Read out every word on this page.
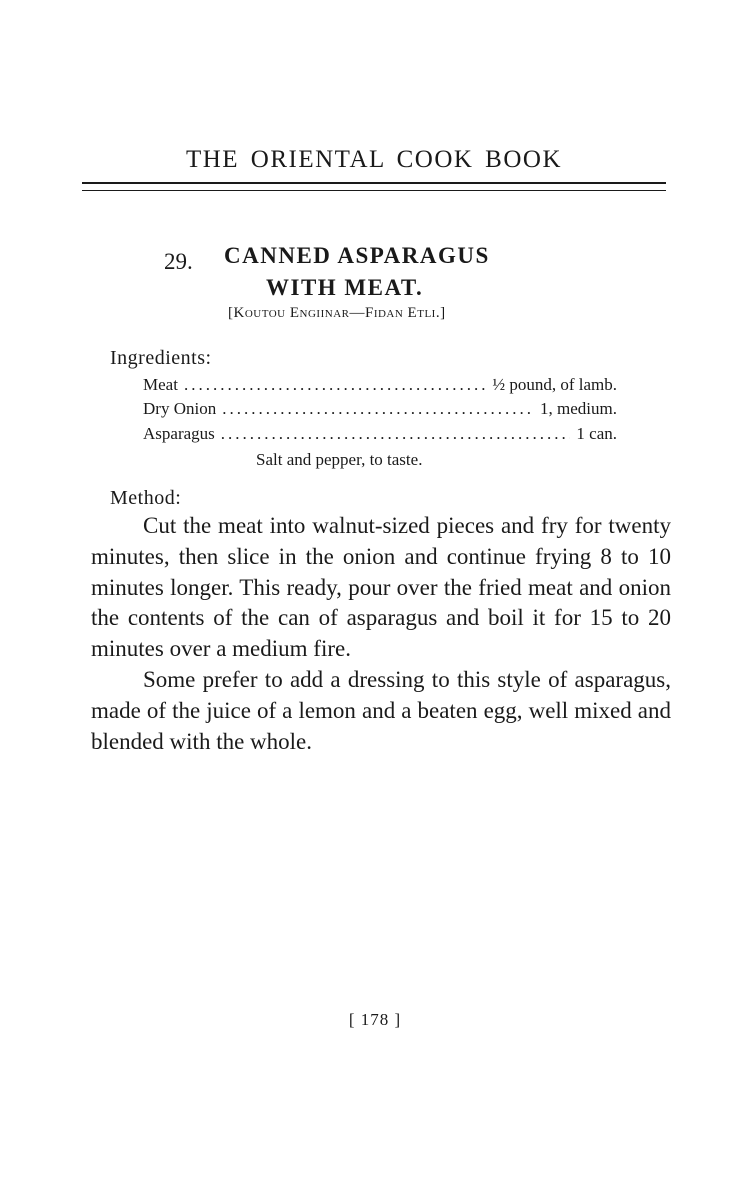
THE ORIENTAL COOK BOOK
29. CANNED ASPARAGUS
WITH MEAT.
[Koutou Engiinar—Fidan Etli.]
Ingredients:
Meat .....	½ pound, of lamb.
Dry Onion .....	1, medium.
Asparagus .....	1 can.
Salt and pepper, to taste.
Method:

Cut the meat into walnut-sized pieces and fry for twenty minutes, then slice in the onion and continue frying 8 to 10 minutes longer. This ready, pour over the fried meat and onion the contents of the can of asparagus and boil it for 15 to 20 minutes over a medium fire.

Some prefer to add a dressing to this style of asparagus, made of the juice of a lemon and a beaten egg, well mixed and blended with the whole.

[ 178 ]
